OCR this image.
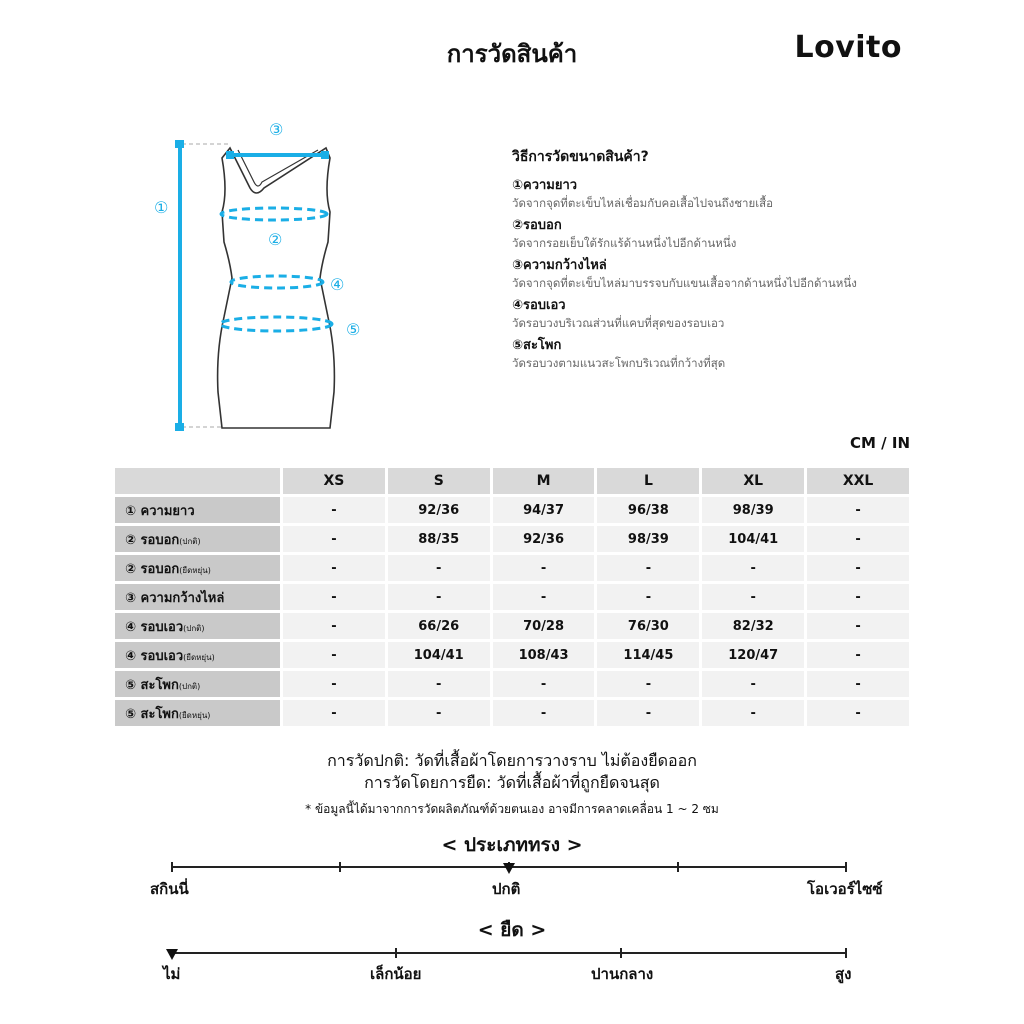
การวัดสินค้า	Lovito
①
③
②
④
⑤
วิธีการวัดขนาดสินค้า?
①ความยาว
วัดจากจุดที่ตะเข็บไหล่เชื่อมกับคอเสื้อไปจนถึงชายเสื้อ
②รอบอก
วัดจากรอยเย็บใต้รักแร้ด้านหนึ่งไปอีกด้านหนึ่ง
③ความกว้างไหล่
วัดจากจุดที่ตะเข็บไหล่มาบรรจบกับแขนเสื้อจากด้านหนึ่งไปอีกด้านหนึ่ง
④รอบเอว
วัดรอบวงบริเวณส่วนที่แคบที่สุดของรอบเอว
⑤สะโพก
วัดรอบวงตามแนวสะโพกบริเวณที่กว้างที่สุด
CM / IN
	XS	S	M	L	XL	XXL
① ความยาว	-	92/36	94/37	96/38	98/39	-
② รอบอก(ปกติ)	-	88/35	92/36	98/39	104/41	-
② รอบอก(ยืดหยุ่น)	-	-	-	-	-	-
③ ความกว้างไหล่	-	-	-	-	-	-
④ รอบเอว(ปกติ)	-	66/26	70/28	76/30	82/32	-
④ รอบเอว(ยืดหยุ่น)	-	104/41	108/43	114/45	120/47	-
⑤ สะโพก(ปกติ)	-	-	-	-	-	-
⑤ สะโพก(ยืดหยุ่น)	-	-	-	-	-	-
การวัดปกติ: วัดที่เสื้อผ้าโดยการวางราบ ไม่ต้องยืดออก
การวัดโดยการยืด: วัดที่เสื้อผ้าที่ถูกยืดจนสุด
* ข้อมูลนี้ได้มาจากการวัดผลิตภัณฑ์ด้วยตนเอง อาจมีการคลาดเคลื่อน 1 ~ 2 ซม
< ประเภททรง >
สกินนี่	ปกติ	โอเวอร์ไซซ์
< ยืด >
ไม่	เล็กน้อย	ปานกลาง	สูง
